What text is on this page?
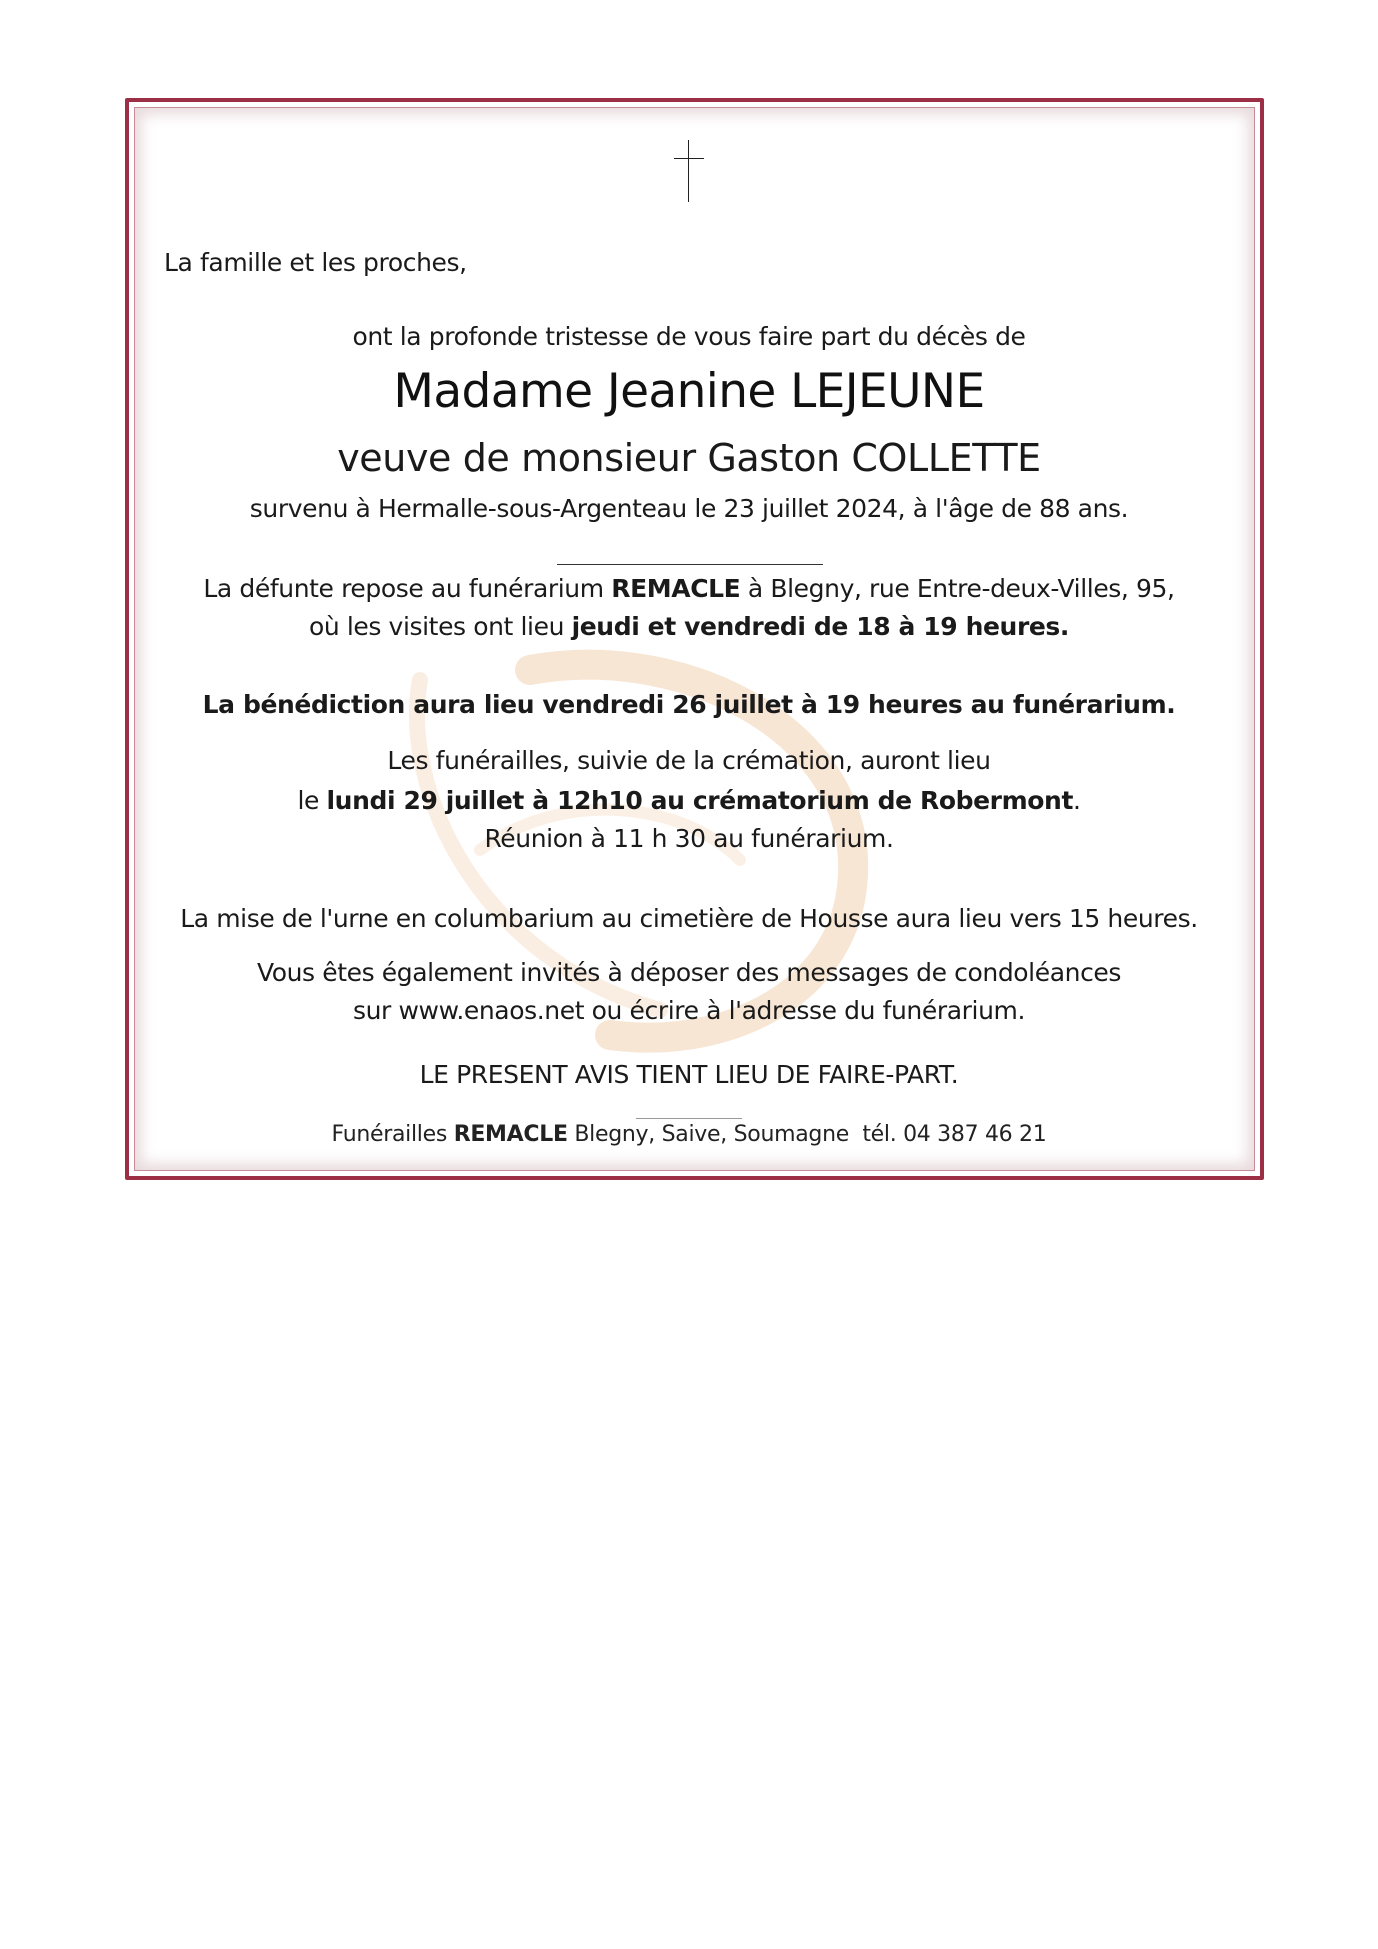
La famille et les proches,
ont la profonde tristesse de vous faire part du décès de
Madame Jeanine LEJEUNE
veuve de monsieur Gaston COLLETTE
survenu à Hermalle-sous-Argenteau le 23 juillet 2024, à l'âge de 88 ans.
La défunte repose au funérarium REMACLE à Blegny, rue Entre-deux-Villes, 95,
où les visites ont lieu jeudi et vendredi de 18 à 19 heures.
La bénédiction aura lieu vendredi 26 juillet à 19 heures au funérarium.
Les funérailles, suivie de la crémation, auront lieu
le lundi 29 juillet à 12h10 au crématorium de Robermont.
Réunion à 11 h 30 au funérarium.
La mise de l'urne en columbarium au cimetière de Housse aura lieu vers 15 heures.
Vous êtes également invités à déposer des messages de condoléances
sur www.enaos.net ou écrire à l'adresse du funérarium.
LE PRESENT AVIS TIENT LIEU DE FAIRE-PART.
Funérailles REMACLE Blegny, Saive, Soumagne  tél. 04 387 46 21
